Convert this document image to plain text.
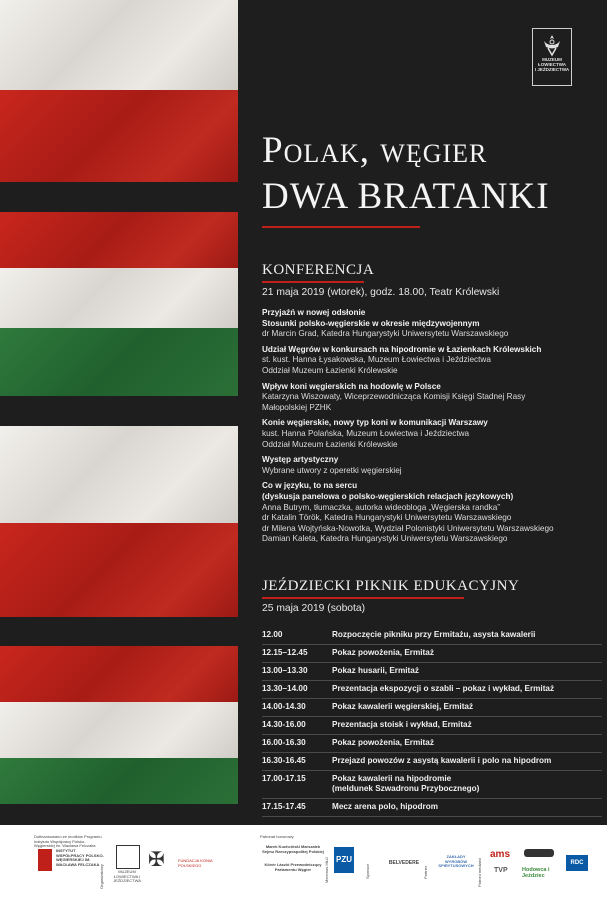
MUZEUM
ŁOWIECTWA
I JEŹDZIECTWA
Polak, węgier
DWA BRATANKI
KONFERENCJA
21 maja 2019 (wtorek), godz. 18.00, Teatr Królewski
Przyjaźń w nowej odsłonie
Stosunki polsko-węgierskie w okresie międzywojennym
dr Marcin Grad, Katedra Hungarystyki Uniwersytetu Warszawskiego
Udział Węgrów w konkursach na hipodromie w Łazienkach Królewskich
st. kust. Hanna Łysakowska, Muzeum Łowiectwa i Jeździectwa
Oddział Muzeum Łazienki Królewskie
Wpływ koni węgierskich na hodowlę w Polsce
Katarzyna Wiszowaty, Wiceprzewodnicząca Komisji Księgi Stadnej Rasy
Małopolskiej PZHK
Konie węgierskie, nowy typ koni w komunikacji Warszawy
kust. Hanna Polańska, Muzeum Łowiectwa i Jeździectwa
Oddział Muzeum Łazienki Królewskie
Występ artystyczny
Wybrane utwory z operetki węgierskiej
Co w języku, to na sercu
(dyskusja panelowa o polsko-węgierskich relacjach językowych)
Anna Butrym, tłumaczka, autorka wideobloga „Węgierska randka”
dr Katalin Török, Katedra Hungarystyki Uniwersytetu Warszawskiego
dr Milena Wojtyńska-Nowotka, Wydział Polonistyki Uniwersytetu Warszawskiego
Damian Kaleta, Katedra Hungarystyki Uniwersytetu Warszawskiego
JEŹDZIECKI PIKNIK EDUKACYJNY
25 maja 2019 (sobota)
12.00	Rozpoczęcie pikniku przy Ermitażu, asysta kawalerii
12.15–12.45	Pokaz powożenia, Ermitaż
13.00–13.30	Pokaz husarii, Ermitaż
13.30–14.00	Prezentacja ekspozycji o szabli – pokaz i wykład, Ermitaż
14.00-14.30	Pokaz kawalerii węgierskiej, Ermitaż
14.30-16.00	Prezentacja stoisk i wykład, Ermitaż
16.00-16.30	Pokaz powożenia, Ermitaż
16.30-16.45	Przejazd powozów z asystą kawalerii i polo na hipodrom
17.00-17.15	Pokaz kawalerii na hipodromie
(meldunek Szwadronu Przybocznego)
17.15-17.45	Mecz arena polo, hipodrom
Dofinansowano ze środków Programu Instytutu Współpracy Polsko-Węgierskiej im. Wacława Felczaka
INSTYTUT WSPÓŁPRACY POLSKO-WĘGIERSKIEJ IM. WACŁAWA FELCZAKA Organizatorzy	MUZEUM ŁOWIECTWA I JEŹDZIECTWA
✠	FUNDACJA KONIA POLSKIEGO
Patronat honorowy
Marek Kuchciński Marszałek Sejmu Rzeczypospolitej Polskiej
Kövér László Przewodniczący Parlamentu Węgier	Mecenas MŁiJ PZU
Sponsor
BELVEDERE
Partner
ZAKŁADY WYROBÓW SPIRYTUSOWYCH Patroni medialni
ams
TVP	Hodowca i Jeździec
RDC
